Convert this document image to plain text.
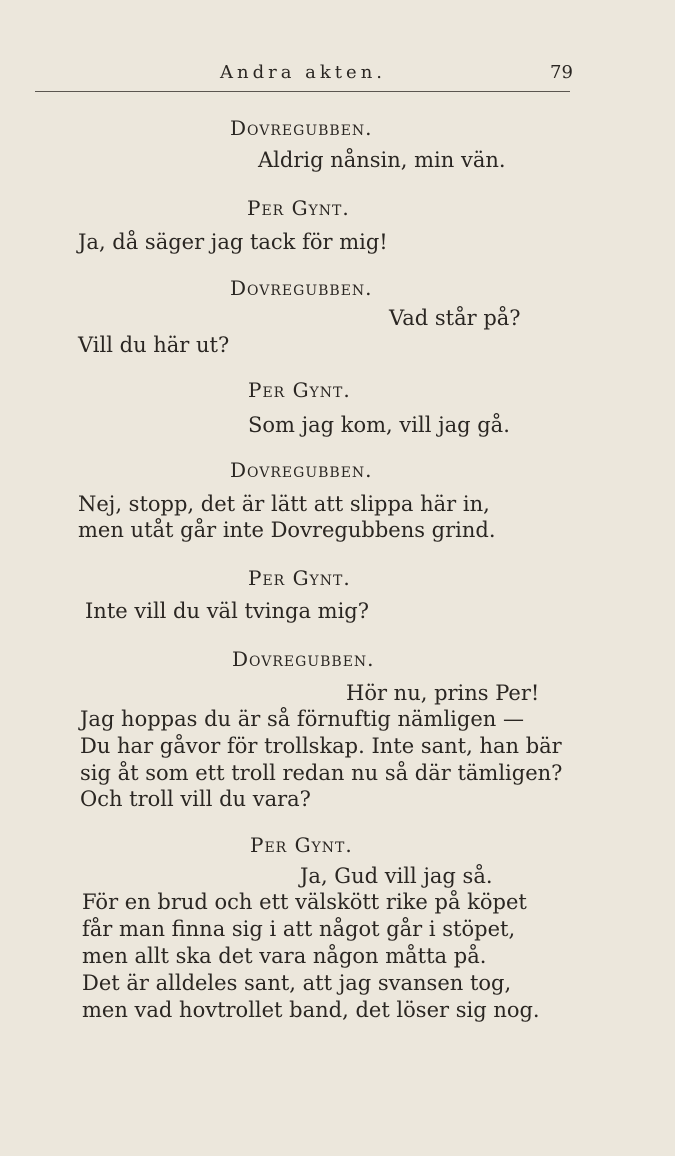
Andra akten.	79
Dovregubben.
Aldrig nånsin, min vän.
Per Gynt.
Ja, då säger jag tack för mig!
Dovregubben.
Vad står på?
Vill du här ut?
Per Gynt.
Som jag kom, vill jag gå.
Dovregubben.
Nej, stopp, det är lätt att slippa här in,
men utåt går inte Dovregubbens grind.
Per Gynt.
Inte vill du väl tvinga mig?
Dovregubben.
Hör nu, prins Per!
Jag hoppas du är så förnuftig nämligen —
Du har gåvor för trollskap. Inte sant, han bär
sig åt som ett troll redan nu så där tämligen?
Och troll vill du vara?
Per Gynt.
Ja, Gud vill jag så.
För en brud och ett välskött rike på köpet
får man finna sig i att något går i stöpet,
men allt ska det vara någon måtta på.
Det är alldeles sant, att jag svansen tog,
men vad hovtrollet band, det löser sig nog.
